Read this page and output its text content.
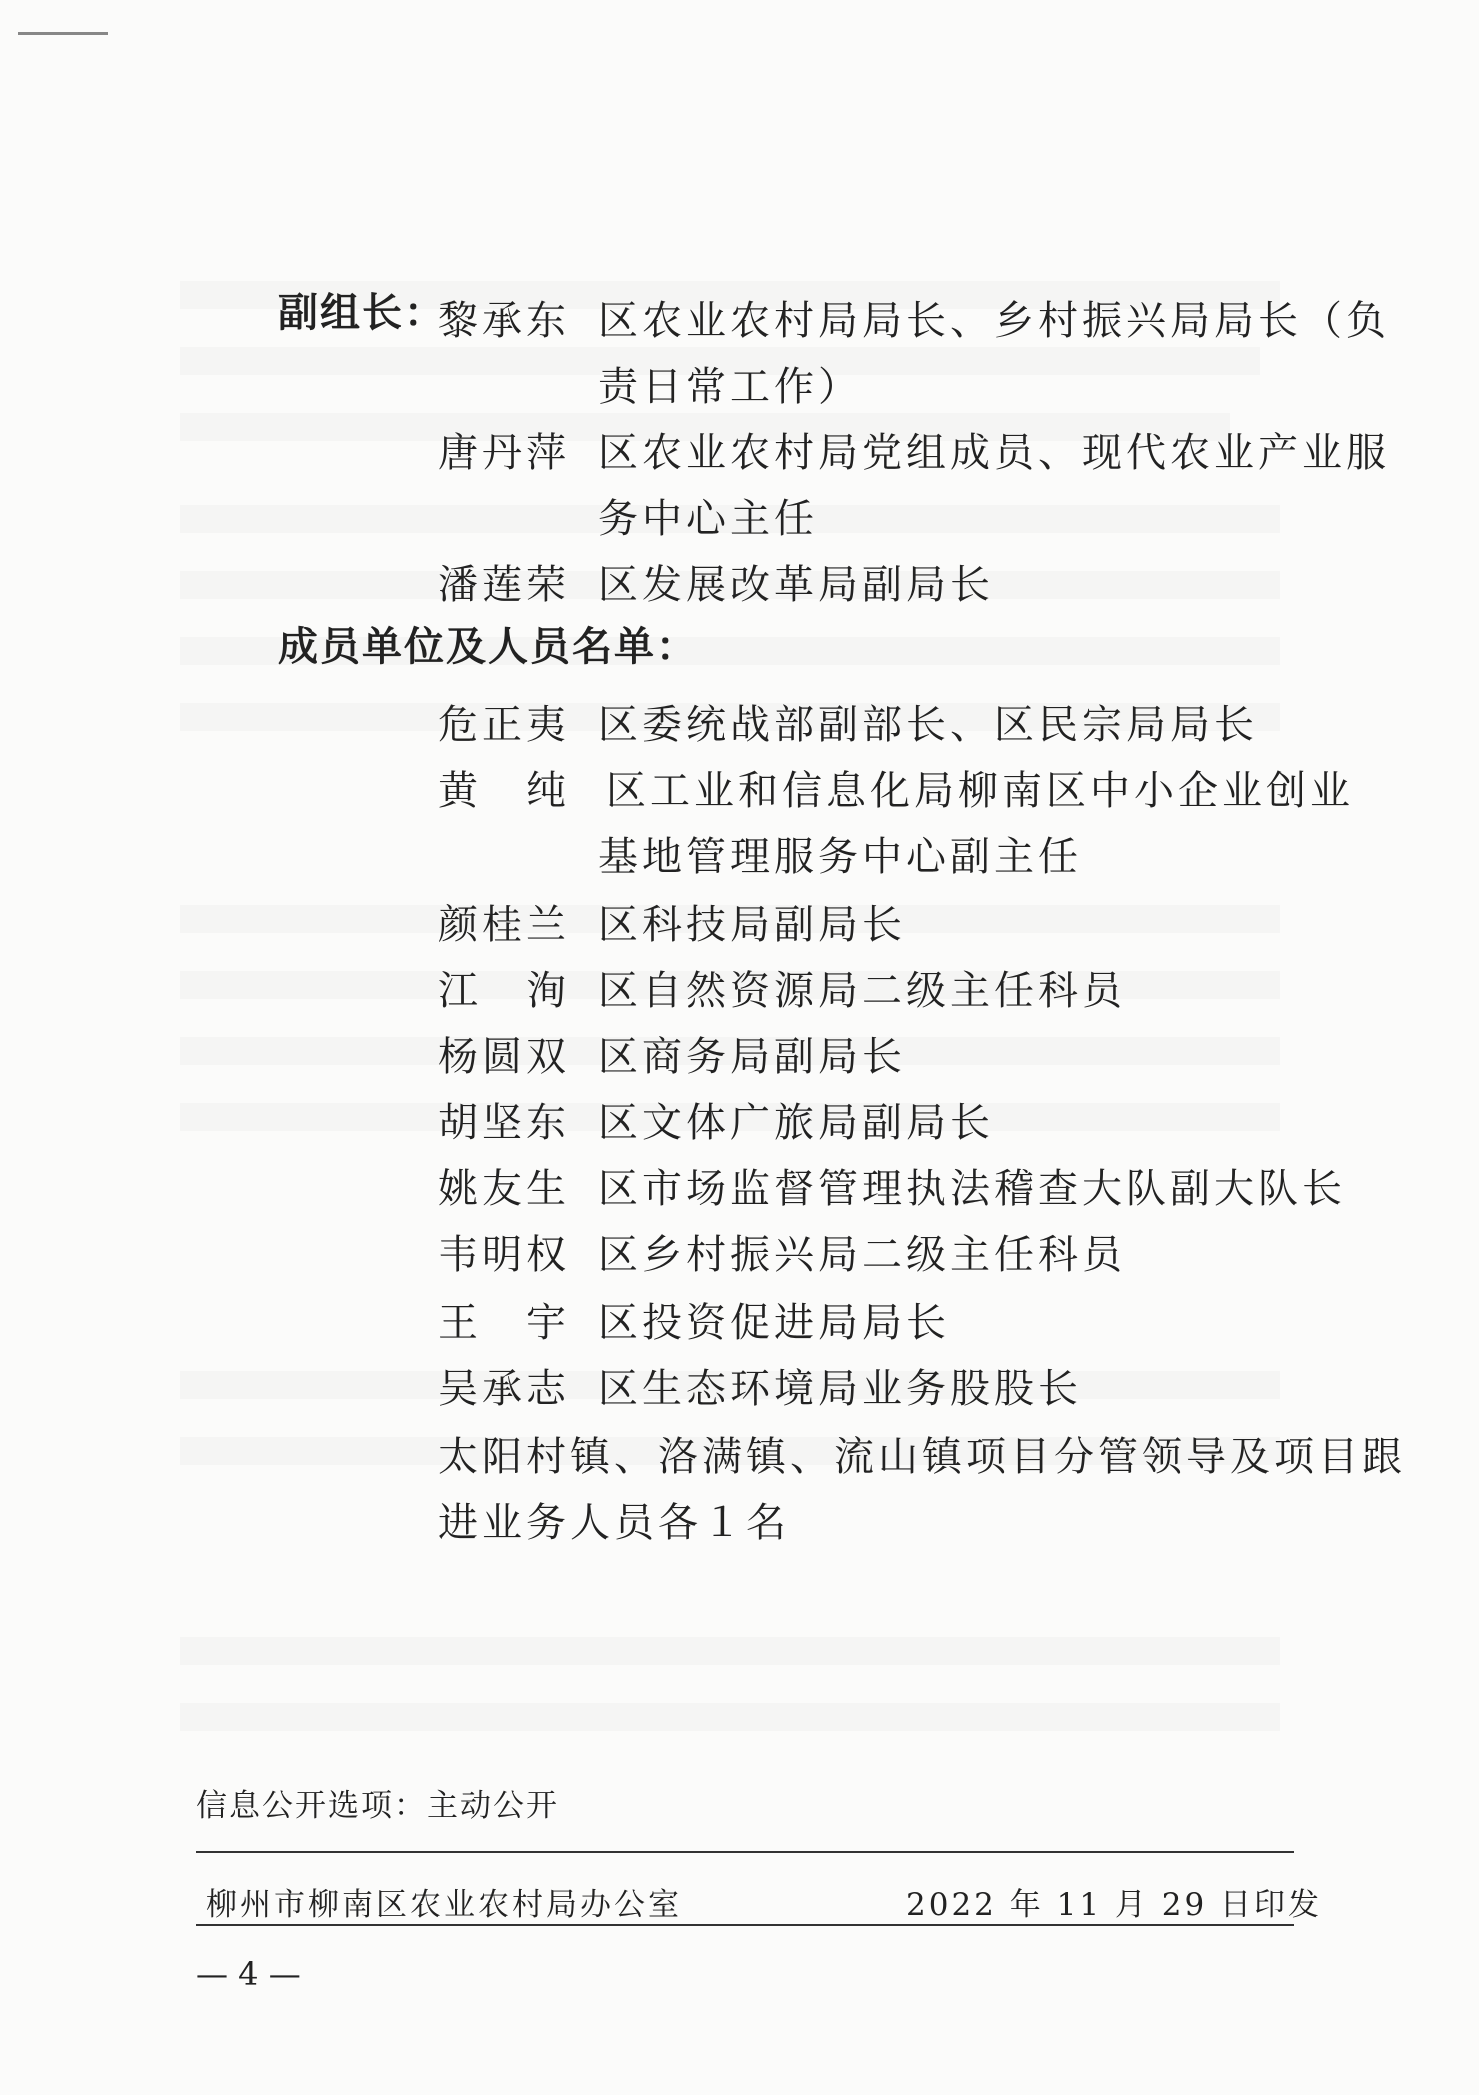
副组长：
黎承东 区农业农村局局长、乡村振兴局局长（负
责日常工作）
唐丹萍 区农业农村局党组成员、现代农业产业服
务中心主任
潘莲荣 区发展改革局副局长
成员单位及人员名单：
危正夷 区委统战部副部长、区民宗局局长
黄　纯 区工业和信息化局柳南区中小企业创业
基地管理服务中心副主任
颜桂兰 区科技局副局长
江　洵 区自然资源局二级主任科员
杨圆双 区商务局副局长
胡坚东 区文体广旅局副局长
姚友生 区市场监督管理执法稽查大队副大队长
韦明权 区乡村振兴局二级主任科员
王　宇 区投资促进局局长
吴承志 区生态环境局业务股股长
太阳村镇、洛满镇、流山镇项目分管领导及项目跟
进业务人员各１名
信息公开选项：主动公开
柳州市柳南区农业农村局办公室	2022 年 11 月 29 日印发
— 4 —
